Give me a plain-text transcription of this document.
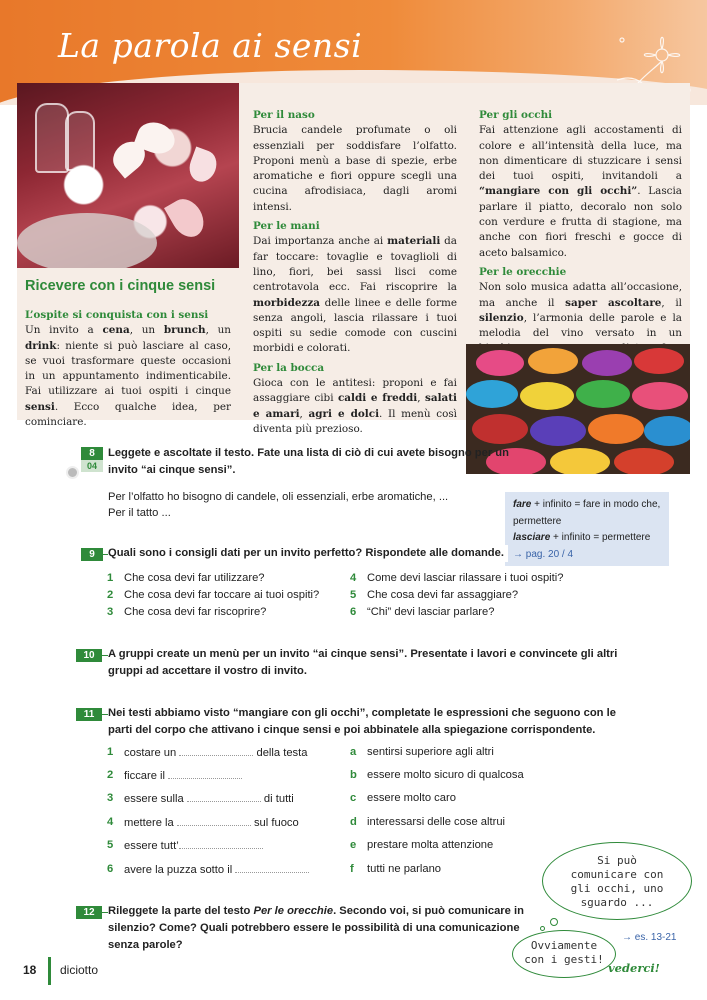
La parola ai sensi
Ricevere con i cinque sensi
L’ospite si conquista con i sensi
Un invito a cena, un brunch, un drink: niente si può lasciare al caso, se vuoi trasformare queste occasioni in un appuntamento indimenticabile. Fai utilizzare ai tuoi ospiti i cinque sensi. Ecco qualche idea, per cominciare.
Per il naso
Brucia candele profumate o oli essenziali per soddisfare l’olfatto. Proponi menù a base di spezie, erbe aromatiche e fiori oppure scegli una cucina afrodisiaca, dagli aromi intensi.
Per le mani
Dai importanza anche ai materiali da far toccare: tovaglie e tovaglioli di lino, fiori, bei sassi lisci come centrotavola ecc. Fai riscoprire la morbidezza delle linee e delle forme senza angoli, lascia rilassare i tuoi ospiti su sedie comode con cuscini morbidi e colorati.
Per la bocca
Gioca con le antitesi: proponi e fai assaggiare cibi caldi e freddi, salati e amari, agri e dolci. Il menù così diventa più prezioso.
Per gli occhi
Fai attenzione agli accostamenti di colore e all’intensità della luce, ma non dimenticare di stuzzicare i sensi dei tuoi ospiti, invitandoli a “mangiare con gli occhi”. Lascia parlare il piatto, decoralo non solo con verdure e frutta di stagione, ma anche con fiori freschi e gocce di aceto balsamico.
Per le orecchie
Non solo musica adatta all’occasione, ma anche il saper ascoltare, il silenzio, l’armonia delle parole e la melodia del vino versato in un
8
04
Leggete e ascoltate il testo. Fate una lista di ciò di cui avete bisogno per un invito “ai cinque sensi”.
Per l’olfatto ho bisogno di candele, oli essenziali, erbe aromatiche, ...
Per il tatto ...
fare + infinito = fare in modo che, permettere
lasciare + infinito = permettere
→ pag. 20 / 4
9	Quali sono i consigli dati per un invito perfetto? Rispondete alle domande.
1 Che cosa devi far utilizzare?
2 Che cosa devi far toccare ai tuoi ospiti?
3 Che cosa devi far riscoprire?
4 Come devi lasciar rilassare i tuoi ospiti?
5 Che cosa devi far assaggiare?
6 “Chi” devi lasciar parlare?
10	A gruppi create un menù per un invito “ai cinque sensi”. Presentate i lavori e convincete gli altri gruppi ad accettare il vostro di invito.
11	Nei testi abbiamo visto “mangiare con gli occhi”, completate le espressioni che seguono con le parti del corpo che attivano i cinque sensi e poi abbinatele alla spiegazione corrispondente.
1 costare un	della testa
2 ficcare il
3 essere sulla	di tutti
4 mettere la	sul fuoco
5 essere tutt’
6 avere la puzza sotto il
a sentirsi superiore agli altri
b essere molto sicuro di qualcosa
c essere molto caro
d interessarsi delle cose altrui
e prestare molta attenzione
f tutti ne parlano
12	Rileggete la parte del testo Per le orecchie. Secondo voi, si può comunicare in silenzio? Come? Quali potrebbero essere le possibilità di una comunicazione senza parole?
→ es. 13-21
Si può
comunicare con
gli occhi, uno
sguardo ...
Ovviamente
con i gesti!
18 diciotto	vederci!
